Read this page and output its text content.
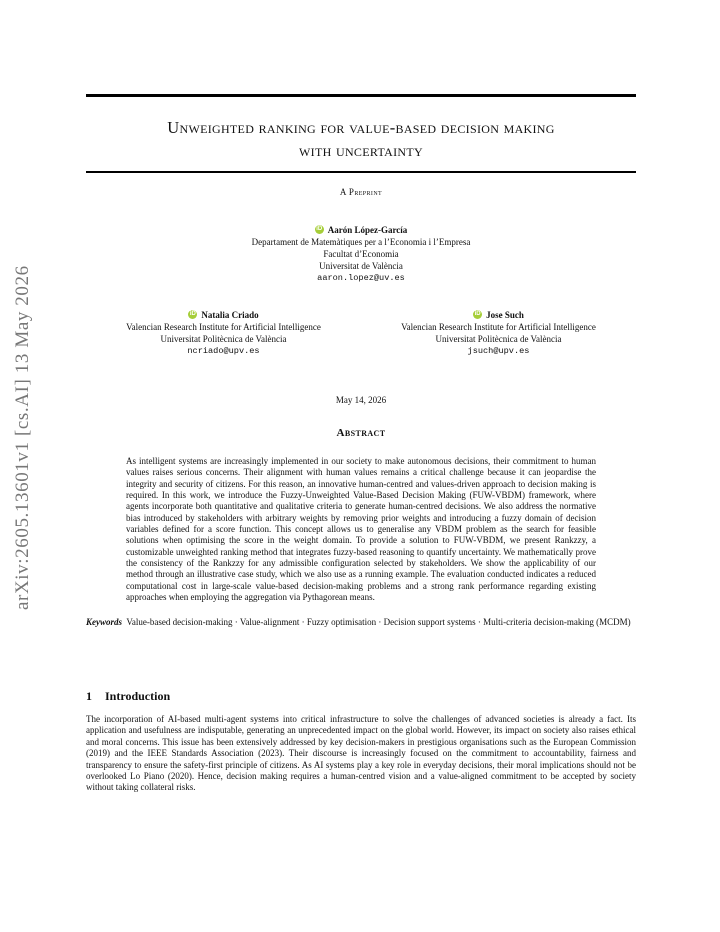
arXiv:2605.13601v1 [cs.AI] 13 May 2026
Unweighted ranking for value-based decision making
with uncertainty
A Preprint
iD Aarón López-García
Departament de Matemàtiques per a l’Economia i l’Empresa
Facultat d’Economia
Universitat de València
aaron.lopez@uv.es
iD Natalia Criado
Valencian Research Institute for Artificial Intelligence
Universitat Politècnica de València
ncriado@upv.es
iD Jose Such
Valencian Research Institute for Artificial Intelligence
Universitat Politècnica de València
jsuch@upv.es
May 14, 2026
Abstract
As intelligent systems are increasingly implemented in our society to make autonomous decisions, their commitment to human values raises serious concerns. Their alignment with human values remains a critical challenge because it can jeopardise the integrity and security of citizens. For this reason, an innovative human-centred and values-driven approach to decision making is required. In this work, we introduce the Fuzzy-Unweighted Value-Based Decision Making (FUW-VBDM) framework, where agents incorporate both quantitative and qualitative criteria to generate human-centred decisions. We also address the normative bias introduced by stakeholders with arbitrary weights by removing prior weights and introducing a fuzzy domain of decision variables defined for a score function. This concept allows us to generalise any VBDM problem as the search for feasible solutions when optimising the score in the weight domain. To provide a solution to FUW-VBDM, we present Rankzzy, a customizable unweighted ranking method that integrates fuzzy-based reasoning to quantify uncertainty. We mathematically prove the consistency of the Rankzzy for any admissible configuration selected by stakeholders. We show the applicability of our method through an illustrative case study, which we also use as a running example. The evaluation conducted indicates a reduced computational cost in large-scale value-based decision-making problems and a strong rank performance regarding existing approaches when employing the aggregation via Pythagorean means.
Keywords Value-based decision-making · Value-alignment · Fuzzy optimisation · Decision support systems · Multi-criteria decision-making (MCDM)
1 Introduction
The incorporation of AI-based multi-agent systems into critical infrastructure to solve the challenges of advanced societies is already a fact. Its application and usefulness are indisputable, generating an unprecedented impact on the global world. However, its impact on society also raises ethical and moral concerns. This issue has been extensively addressed by key decision-makers in prestigious organisations such as the European Commission (2019) and the IEEE Standards Association (2023). Their discourse is increasingly focused on the commitment to accountability, fairness and transparency to ensure the safety-first principle of citizens. As AI systems play a key role in everyday decisions, their moral implications should not be overlooked Lo Piano (2020). Hence, decision making requires a human-centred vision and a value-aligned commitment to be accepted by society without taking collateral risks.
